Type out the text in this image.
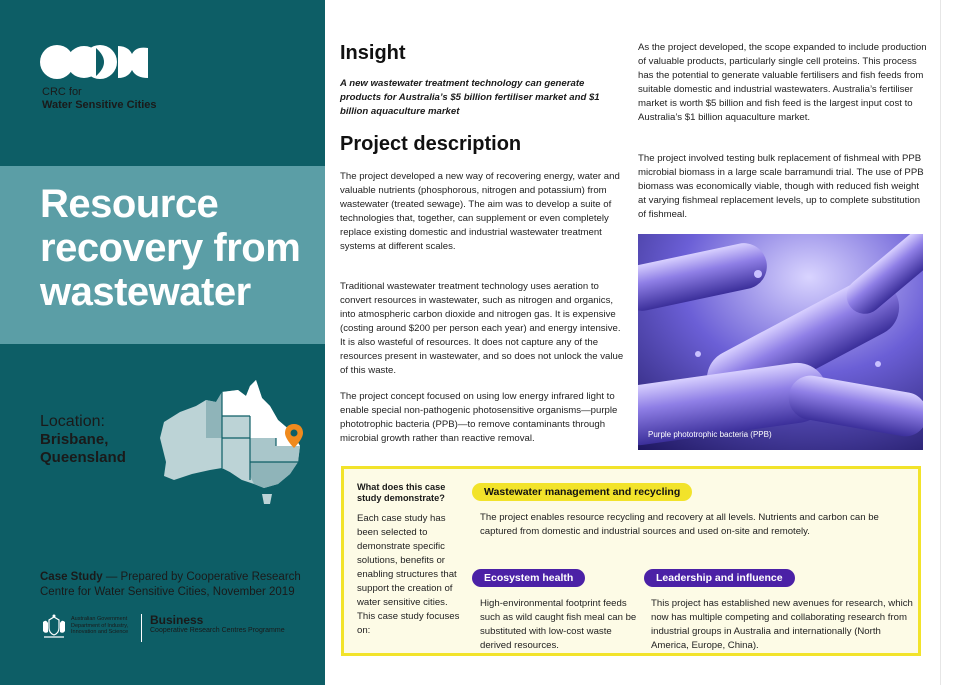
CRC for
Water Sensitive Cities
Resource
recovery from
wastewater
Location:
Brisbane,
Queensland
Case Study — Prepared by Cooperative Research Centre for Water Sensitive Cities, November 2019
Australian Government Department of Industry, Innovation and Science
Business
Cooperative Research Centres Programme
Insight
A new wastewater treatment technology can generate products for Australia’s $5 billion fertiliser market and $1 billion aquaculture market
Project description
The project developed a new way of recovering energy, water and valuable nutrients (phosphorous, nitrogen and potassium) from wastewater (treated sewage). The aim was to develop a suite of technologies that, together, can supplement or even completely replace existing domestic and industrial wastewater treatment systems at different scales.
Traditional wastewater treatment technology uses aeration to convert resources in wastewater, such as nitrogen and organics, into atmospheric carbon dioxide and nitrogen gas. It is expensive (costing around $200 per person each year) and energy intensive. It is also wasteful of resources. It does not capture any of the resources present in wastewater, and so does not unlock the value of this waste.
The project concept focused on using low energy infrared light to enable special non-pathogenic photosensitive organisms—purple phototrophic bacteria (PPB)—to remove contaminants through microbial growth rather than reactive removal.
As the project developed, the scope expanded to include production of valuable products, particularly single cell proteins. This process has the potential to generate valuable fertilisers and fish feeds from suitable domestic and industrial wastewaters. Australia’s fertiliser market is worth $5 billion and fish feed is the largest input cost to Australia’s $1 billion aquaculture market.
The project involved testing bulk replacement of fishmeal with PPB microbial biomass in a large scale barramundi trial. The use of PPB biomass was economically viable, though with reduced fish weight at varying fishmeal replacement levels, up to complete substitution of fishmeal.
Purple phototrophic bacteria (PPB)
What does this case study demonstrate?
Each case study has been selected to demonstrate specific solutions, benefits or enabling structures that support the creation of water sensitive cities. This case study focuses on:
Wastewater management and recycling
The project enables resource recycling and recovery at all levels. Nutrients and carbon can be captured from domestic and industrial sources and used on-site and remotely.
Ecosystem health
High-environmental footprint feeds such as wild caught fish meal can be substituted with low-cost waste derived resources.
Leadership and influence
This project has established new avenues for research, which now has multiple competing and collaborating research from industrial groups in Australia and internationally (North America, Europe, China).
